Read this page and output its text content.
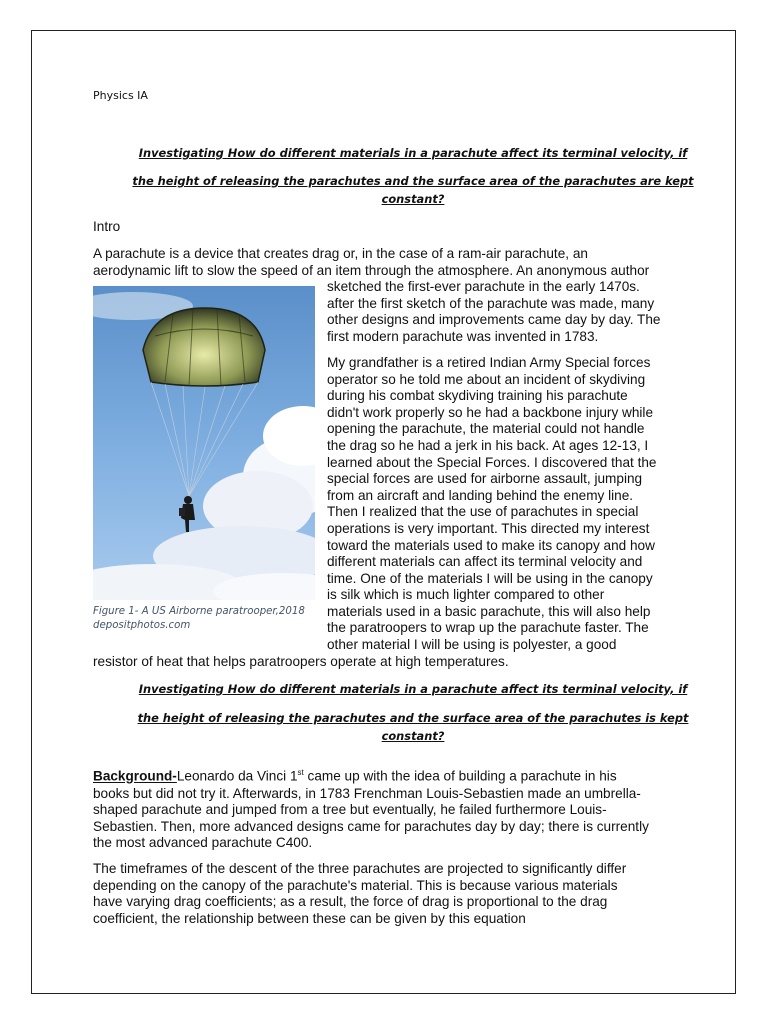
Physics IA
Investigating How do different materials in a parachute affect its terminal velocity, if
the height of releasing the parachutes and the surface area of the parachutes are kept
constant?
Intro
A parachute is a device that creates drag or, in the case of a ram-air parachute, an
aerodynamic lift to slow the speed of an item through the atmosphere. An anonymous author
sketched the first-ever parachute in the early 1470s.
after the first sketch of the parachute was made, many
other designs and improvements came day by day. The
first modern parachute was invented in 1783.
Figure 1- A US Airborne paratrooper,2018
depositphotos.com
My grandfather is a retired Indian Army Special forces
operator so he told me about an incident of skydiving
during his combat skydiving training his parachute
didn't work properly so he had a backbone injury while
opening the parachute, the material could not handle
the drag so he had a jerk in his back. At ages 12-13, I
learned about the Special Forces. I discovered that the
special forces are used for airborne assault, jumping
from an aircraft and landing behind the enemy line.
Then I realized that the use of parachutes in special
operations is very important. This directed my interest
toward the materials used to make its canopy and how
different materials can affect its terminal velocity and
time. One of the materials I will be using in the canopy
is silk which is much lighter compared to other
materials used in a basic parachute, this will also help
the paratroopers to wrap up the parachute faster. The
other material I will be using is polyester, a good
resistor of heat that helps paratroopers operate at high temperatures.
Investigating How do different materials in a parachute affect its terminal velocity, if
the height of releasing the parachutes and the surface area of the parachutes is kept
constant?
Background-Leonardo da Vinci 1st came up with the idea of building a parachute in his
books but did not try it. Afterwards, in 1783 Frenchman Louis-Sebastien made an umbrella-
shaped parachute and jumped from a tree but eventually, he failed furthermore Louis-
Sebastien. Then, more advanced designs came for parachutes day by day; there is currently
the most advanced parachute C400.
The timeframes of the descent of the three parachutes are projected to significantly differ
depending on the canopy of the parachute's material. This is because various materials
have varying drag coefficients; as a result, the force of drag is proportional to the drag
coefficient, the relationship between these can be given by this equation
